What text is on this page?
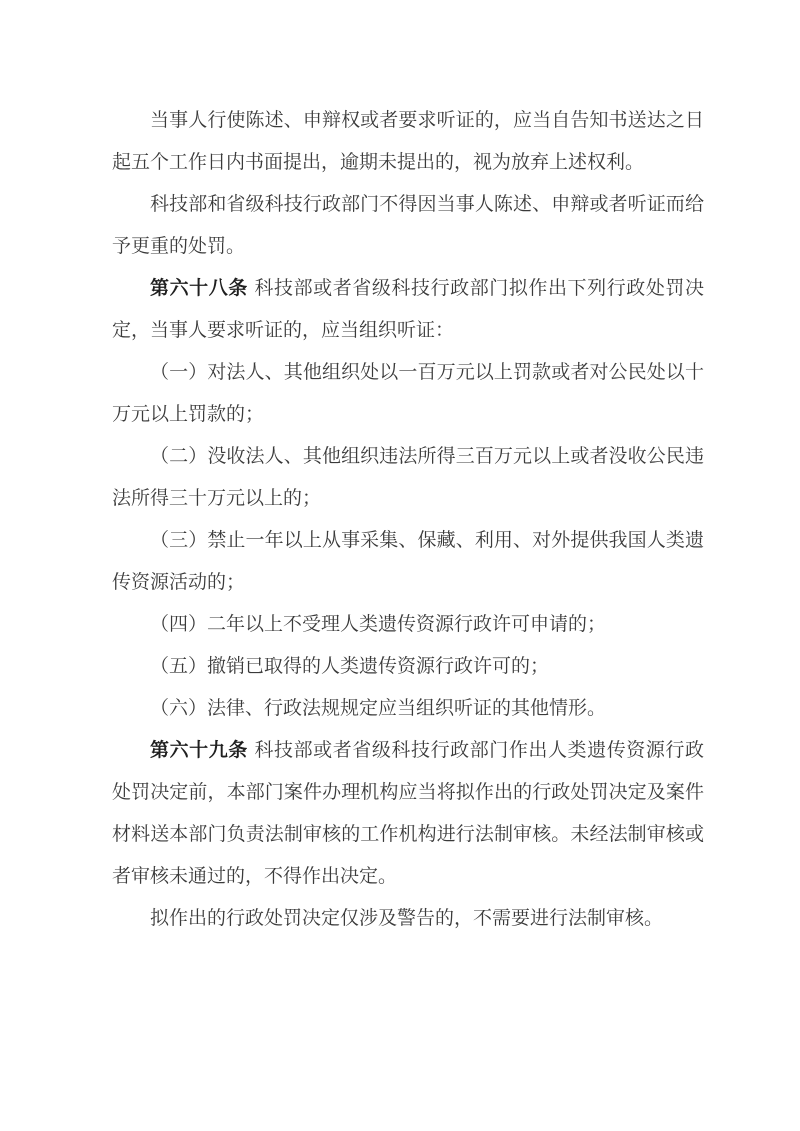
当事人行使陈述、申辩权或者要求听证的，应当自告知书送达之日起五个工作日内书面提出，逾期未提出的，视为放弃上述权利。

科技部和省级科技行政部门不得因当事人陈述、申辩或者听证而给予更重的处罚。

第六十八条 科技部或者省级科技行政部门拟作出下列行政处罚决定，当事人要求听证的，应当组织听证：

（一）对法人、其他组织处以一百万元以上罚款或者对公民处以十万元以上罚款的；

（二）没收法人、其他组织违法所得三百万元以上或者没收公民违法所得三十万元以上的；

（三）禁止一年以上从事采集、保藏、利用、对外提供我国人类遗传资源活动的；

（四）二年以上不受理人类遗传资源行政许可申请的；

（五）撤销已取得的人类遗传资源行政许可的；

（六）法律、行政法规规定应当组织听证的其他情形。

第六十九条 科技部或者省级科技行政部门作出人类遗传资源行政处罚决定前，本部门案件办理机构应当将拟作出的行政处罚决定及案件材料送本部门负责法制审核的工作机构进行法制审核。未经法制审核或者审核未通过的，不得作出决定。

拟作出的行政处罚决定仅涉及警告的，不需要进行法制审核。
